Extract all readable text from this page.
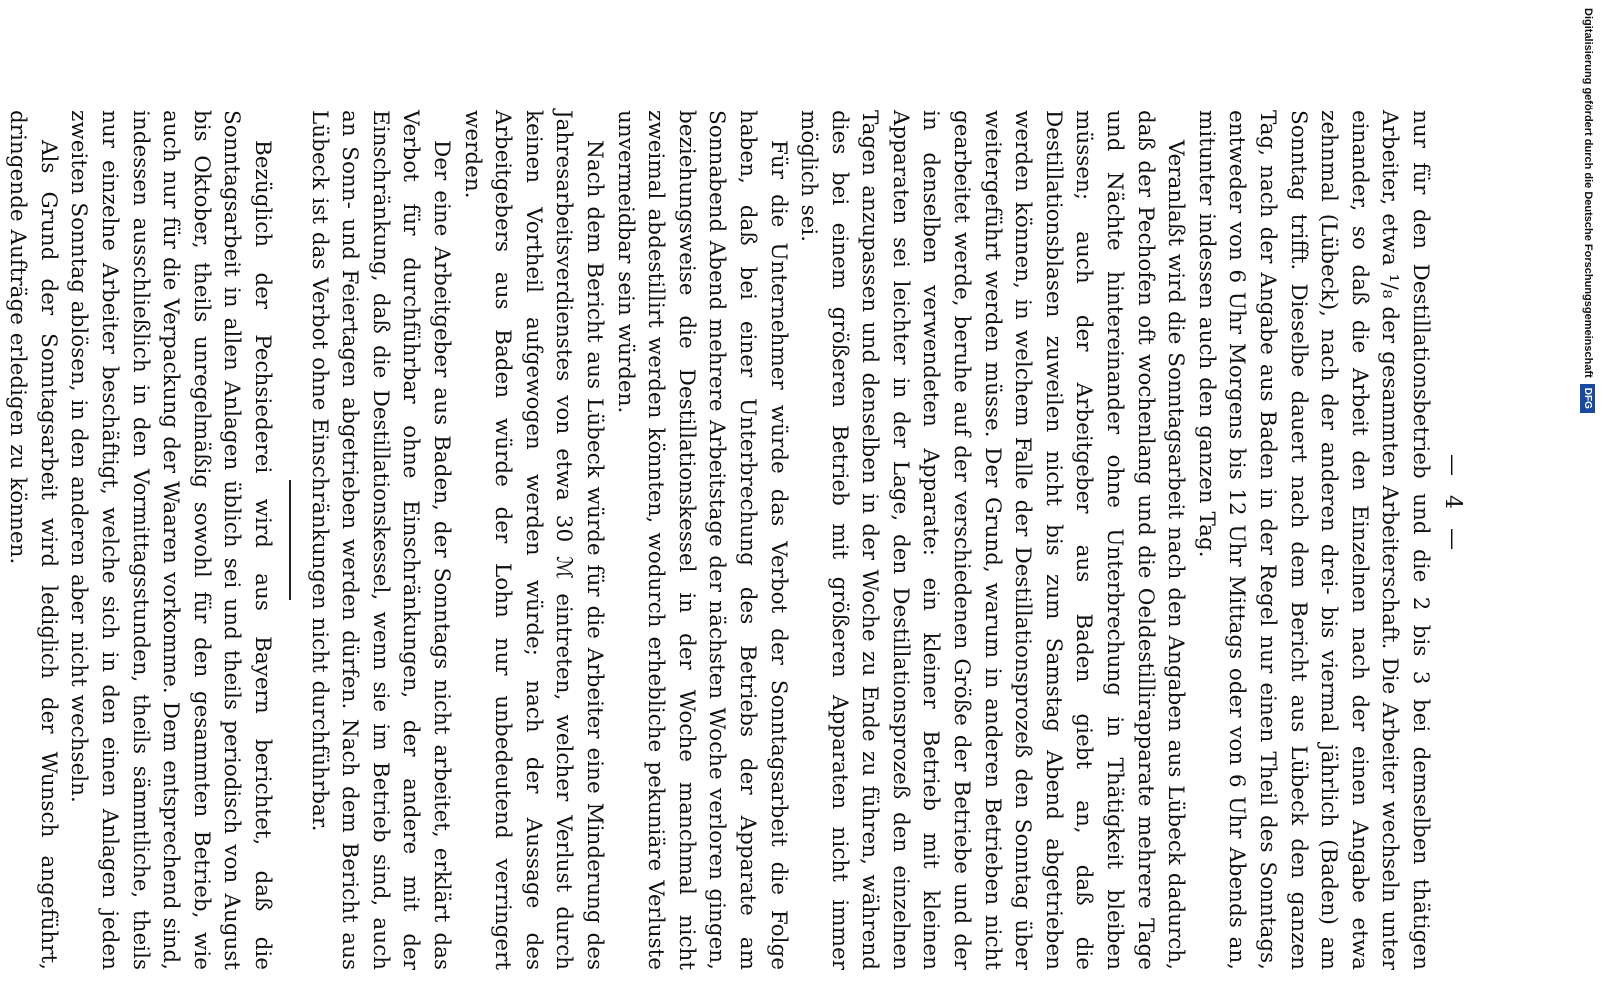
— 4 —

nur für den Destillationsbetrieb und die 2 bis 3 bei demselben thätigen Arbeiter, etwa ¹/₈ der gesammten Arbeiterschaft. Die Arbeiter wechseln unter einander, so daß die Arbeit den Einzelnen nach der einen Angabe etwa zehnmal (Lübeck), nach der anderen drei- bis viermal jährlich (Baden) am Sonntag trifft. Dieselbe dauert nach dem Bericht aus Lübeck den ganzen Tag, nach der Angabe aus Baden in der Regel nur einen Theil des Sonntags, entweder von 6 Uhr Morgens bis 12 Uhr Mittags oder von 6 Uhr Abends an, mitunter indessen auch den ganzen Tag.

Veranlaßt wird die Sonntagsarbeit nach den Angaben aus Lübeck dadurch, daß der Pechofen oft wochenlang und die Oeldestillirapparate mehrere Tage und Nächte hintereinander ohne Unterbrechung in Thätigkeit bleiben müssen; auch der Arbeitgeber aus Baden giebt an, daß die Destillationsblasen zuweilen nicht bis zum Samstag Abend abgetrieben werden können, in welchem Falle der Destillationsprozeß den Sonntag über weitergeführt werden müsse. Der Grund, warum in anderen Betrieben nicht gearbeitet werde, beruhe auf der verschiedenen Größe der Betriebe und der in denselben verwendeten Apparate: ein kleiner Betrieb mit kleinen Apparaten sei leichter in der Lage, den Destillationsprozeß den einzelnen Tagen anzupassen und denselben in der Woche zu Ende zu führen, während dies bei einem größeren Betrieb mit größeren Apparaten nicht immer möglich sei.

Für die Unternehmer würde das Verbot der Sonntagsarbeit die Folge haben, daß bei einer Unterbrechung des Betriebs der Apparate am Sonnabend Abend mehrere Arbeitstage der nächsten Woche verloren gingen, beziehungsweise die Destillationskessel in der Woche manchmal nicht zweimal abdestillirt werden könnten, wodurch erhebliche pekuniäre Verluste unvermeidbar sein würden.

Nach dem Bericht aus Lübeck würde für die Arbeiter eine Minderung des Jahresarbeitsverdienstes von etwa 30 ℳ eintreten, welcher Verlust durch keinen Vortheil aufgewogen werden würde; nach der Aussage des Arbeitgebers aus Baden würde der Lohn nur unbedeutend verringert werden.

Der eine Arbeitgeber aus Baden, der Sonntags nicht arbeitet, erklärt das Verbot für durchführbar ohne Einschränkungen, der andere mit der Einschränkung, daß die Destillationskessel, wenn sie im Betrieb sind, auch an Sonn- und Feiertagen abgetrieben werden dürfen. Nach dem Bericht aus Lübeck ist das Verbot ohne Einschränkungen nicht durchführbar.

Bezüglich der Pechsiederei wird aus Bayern berichtet, daß die Sonntagsarbeit in allen Anlagen üblich sei und theils periodisch von August bis Oktober, theils unregelmäßig sowohl für den gesammten Betrieb, wie auch nur für die Verpackung der Waaren vorkomme. Dem entsprechend sind, indessen ausschließlich in den Vormittagsstunden, theils sämmtliche, theils nur einzelne Arbeiter beschäftigt, welche sich in den einen Anlagen jeden zweiten Sonntag ablösen, in den anderen aber nicht wechseln.

Als Grund der Sonntagsarbeit wird lediglich der Wunsch angeführt, dringende Aufträge erledigen zu können.	Digitalisierung gefördert durch die Deutsche Forschungsgemeinschaft
DFG
